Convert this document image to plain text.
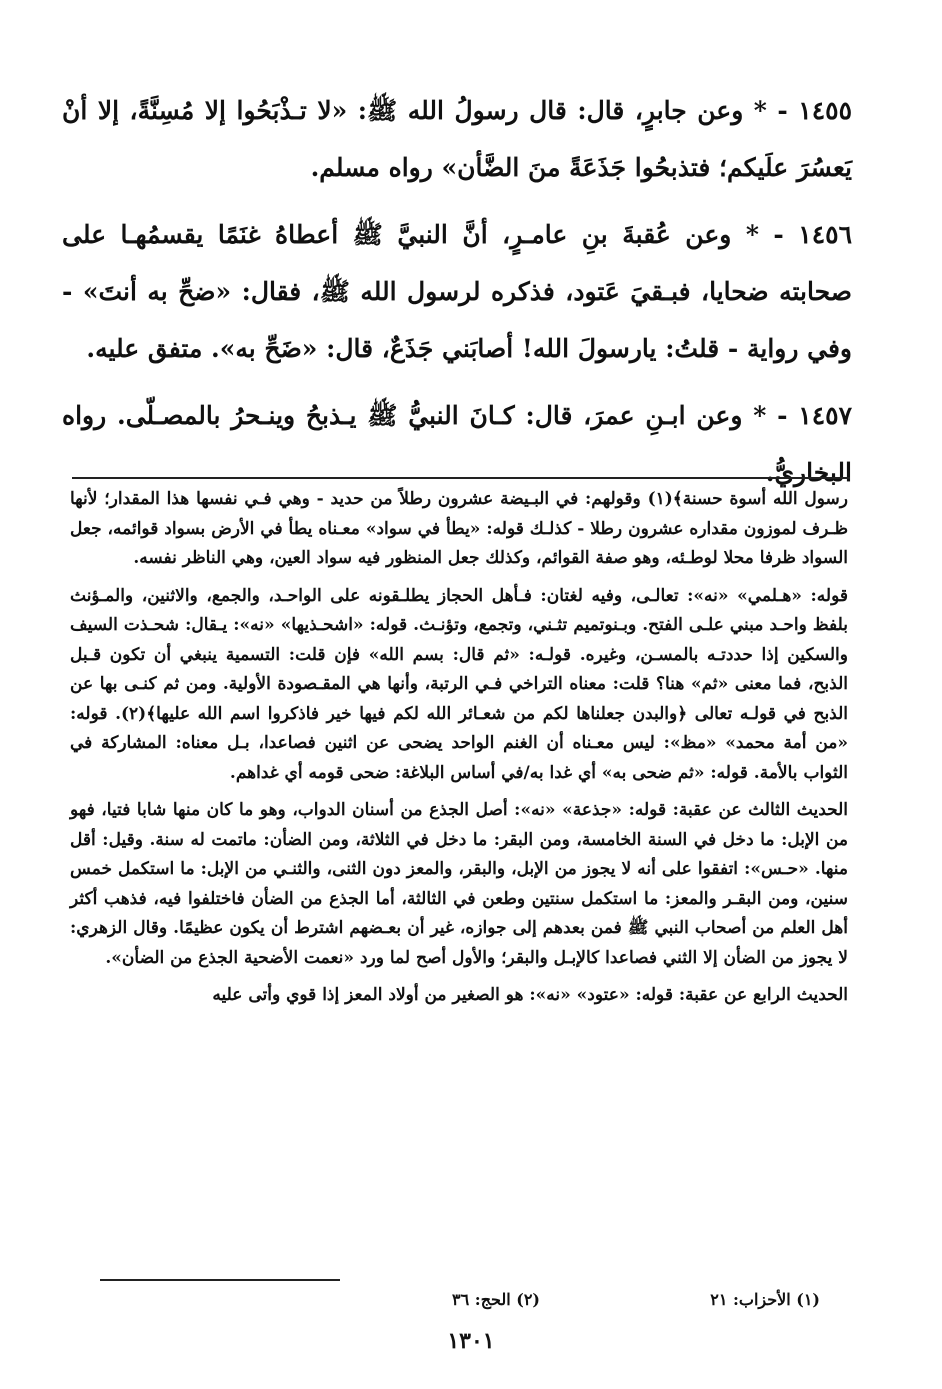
١٤٥٥ - * وعن جابرٍ، قال: قال رسولُ الله ﷺ: «لا تـذْبَحُوا إلا مُسِنَّةً، إلا أنْ يَعسُرَ علَيكم؛ فتذبحُوا جَذَعَةً منَ الضَّأن» رواه مسلم.

١٤٥٦ - * وعن عُقبةَ بنِ عامـرٍ، أنَّ النبيَّ ﷺ أعطاهُ غنَمًا يقسمُهـا على صحابته ضحايا، فبـقيَ عَتود، فذكره لرسول الله ﷺ، فقال: «ضحِّ به أنتَ» - وفي رواية - قلتُ: يارسولَ الله! أصابَني جَذَعٌ، قال: «ضَحِّ به». متفق عليه.

١٤٥٧ - * وعن ابـنِ عمرَ، قال: كـانَ النبيُّ ﷺ يـذبحُ وينـحرُ بالمصـلّى. رواه البخاريُّ.

رسول الله أسوة حسنة﴾(١) وقولهم: في البـيضة عشرون رطلاً من حديد - وهي فـي نفسها هذا المقدار؛ لأنها ظـرف لموزون مقداره عشرون رطلا - كذلـك قوله: «يطأ في سواد» معـناه يطأ في الأرض بسواد قوائمه، جعل السواد ظرفا محلا لوطـئه، وهو صفة القوائم، وكذلك جعل المنظور فيه سواد العين، وهي الناظر نفسه.

قوله: «هـلمي» «نه»: تعالـى، وفيه لغتان: فـأهل الحجاز يطلـقونه على الواحـد، والجمع، والاثنين، والمـؤنث بلفظ واحـد مبني علـى الفتح. وبـنوتميم تثـني، وتجمع، وتؤنـث. قوله: «اشحـذيها» «نه»: يـقال: شحـذت السيف والسكين إذا حددتـه بالمسـن، وغيره. قولـه: «ثم قال: بسم الله» فإن قلت: التسمية ينبغي أن تكون قـبل الذبح، فما معنى «ثم» هنا؟ قلت: معناه التراخي فـي الرتبة، وأنها هي المقـصودة الأولية. ومن ثم كنـى بها عن الذبح في قولـه تعالى ﴿والبدن جعلناها لكم من شعـائر الله لكم فيها خير فاذكروا اسم الله عليها﴾(٢). قوله: «من أمة محمد» «مظ»: ليس معـناه أن الغنم الواحد يضحى عن اثنين فصاعدا، بـل معناه: المشاركة في الثواب بالأمة. قوله: «ثم ضحى به» أي غدا به/في أساس البلاغة: ضحى قومه أي غداهم.

الحديث الثالث عن عقبة: قوله: «جذعة» «نه»: أصل الجذع من أسنان الدواب، وهو ما كان منها شابا فتيا، فهو من الإبل: ما دخل في السنة الخامسة، ومن البقر: ما دخل في الثلاثة، ومن الضأن: ماتمت له سنة. وقيل: أقل منها. «حـس»: اتفقوا على أنه لا يجوز من الإبل، والبقر، والمعز دون الثنى، والثنـي من الإبل: ما استكمل خمس سنين، ومن البقـر والمعز: ما استكمل سنتين وطعن في الثالثة، أما الجذع من الضأن فاختلفوا فيه، فذهب أكثر أهل العلم من أصحاب النبي ﷺ فمن بعدهم إلى جوازه، غير أن بعـضهم اشترط أن يكون عظيمًا. وقال الزهري: لا يجوز من الضأن إلا الثني فصاعدا كالإبـل والبقر؛ والأول أصح لما ورد «نعمت الأضحية الجذع من الضأن».

الحديث الرابع عن عقبة: قوله: «عتود» «نه»: هو الصغير من أولاد المعز إذا قوي وأتى عليه

(١) الأحزاب: ٢١
(٢) الحج: ٣٦
١٣٠١
